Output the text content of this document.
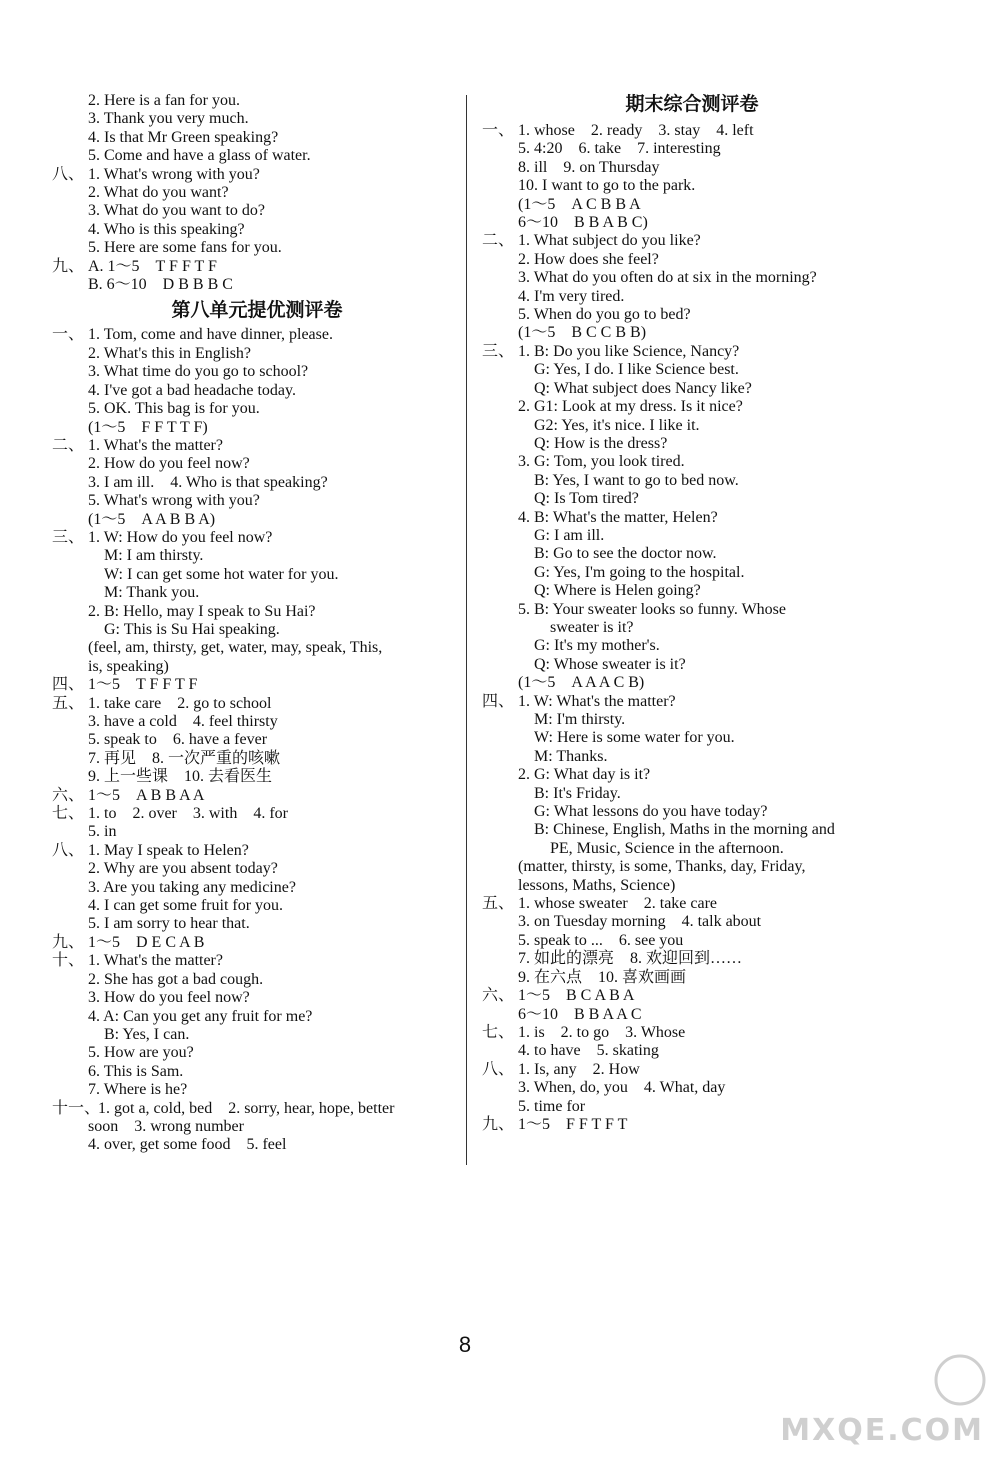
2. Here is a fan for you.
3. Thank you very much.
4. Is that Mr Green speaking?
5. Come and have a glass of water.
八、 1. What's wrong with you?
2. What do you want?
3. What do you want to do?
4. Who is this speaking?
5. Here are some fans for you.
九、 A. 1～5　T F F T F
B. 6～10　D B B B C
第八单元提优测评卷
一、 1. Tom, come and have dinner, please.
2. What's this in English?
3. What time do you go to school?
4. I've got a bad headache today.
5. OK. This bag is for you.
(1～5　F F T T F)
二、 1. What's the matter?
2. How do you feel now?
3. I am ill.　4. Who is that speaking?
5. What's wrong with you?
(1～5　A A B B A)
三、 1. W: How do you feel now?
　M: I am thirsty.
　W: I can get some hot water for you.
　M: Thank you.
2. B: Hello, may I speak to Su Hai?
　G: This is Su Hai speaking.
(feel, am, thirsty, get, water, may, speak, This,
is, speaking)
四、 1～5　T F F T F
五、 1. take care　2. go to school
3. have a cold　4. feel thirsty
5. speak to　6. have a fever
7. 再见　8. 一次严重的咳嗽
9. 上一些课　10. 去看医生
六、 1～5　A B B A A
七、 1. to　2. over　3. with　4. for
5. in
八、 1. May I speak to Helen?
2. Why are you absent today?
3. Are you taking any medicine?
4. I can get some fruit for you.
5. I am sorry to hear that.
九、 1～5　D E C A B
十、 1. What's the matter?
2. She has got a bad cough.
3. How do you feel now?
4. A: Can you get any fruit for me?
　B: Yes, I can.
5. How are you?
6. This is Sam.
7. Where is he?
十一、
1. got a, cold, bed　2. sorry, hear, hope, better
soon　3. wrong number
4. over, get some food　5. feel
期末综合测评卷
一、 1. whose　2. ready　3. stay　4. left
5. 4:20　6. take　7. interesting
8. ill　9. on Thursday
10. I want to go to the park.
(1～5　A C B B A
6～10　B B A B C)
二、 1. What subject do you like?
2. How does she feel?
3. What do you often do at six in the morning?
4. I'm very tired.
5. When do you go to bed?
(1～5　B C C B B)
三、 1. B: Do you like Science, Nancy?
　G: Yes, I do. I like Science best.
　Q: What subject does Nancy like?
2. G1: Look at my dress. Is it nice?
　G2: Yes, it's nice. I like it.
　Q: How is the dress?
3. G: Tom, you look tired.
　B: Yes, I want to go to bed now.
　Q: Is Tom tired?
4. B: What's the matter, Helen?
　G: I am ill.
　B: Go to see the doctor now.
　G: Yes, I'm going to the hospital.
　Q: Where is Helen going?
5. B: Your sweater looks so funny. Whose
　　sweater is it?
　G: It's my mother's.
　Q: Whose sweater is it?
(1～5　A A A C B)
四、 1. W: What's the matter?
　M: I'm thirsty.
　W: Here is some water for you.
　M: Thanks.
2. G: What day is it?
　B: It's Friday.
　G: What lessons do you have today?
　B: Chinese, English, Maths in the morning and
　　PE, Music, Science in the afternoon.
(matter, thirsty, is some, Thanks, day, Friday,
lessons, Maths, Science)
五、 1. whose sweater　2. take care
3. on Tuesday morning　4. talk about
5. speak to ...　6. see you
7. 如此的漂亮　8. 欢迎回到……
9. 在六点　10. 喜欢画画
六、 1～5　B C A B A
6～10　B B A A C
七、 1. is　2. to go　3. Whose
4. to have　5. skating
八、 1. Is, any　2. How
3. When, do, you　4. What, day
5. time for
九、 1～5　F F T F T
8
MXQE.COM
